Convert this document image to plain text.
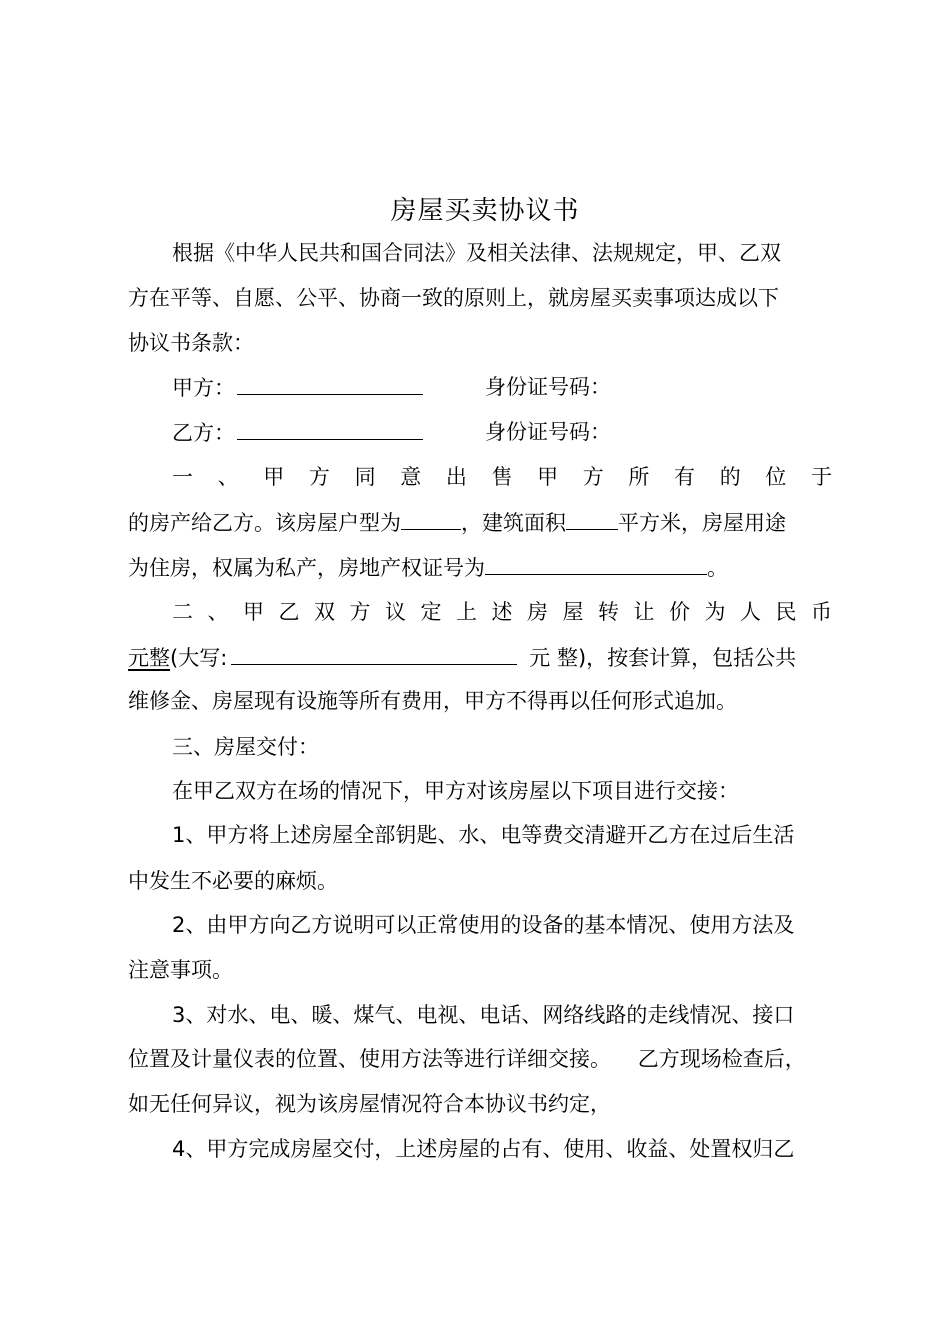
房屋买卖协议书
根据《中华人民共和国合同法》及相关法律、法规规定，甲、乙双
方在平等、自愿、公平、协商一致的原则上，就房屋买卖事项达成以下
协议书条款：
甲方：	身份证号码：
乙方：	身份证号码：
一 、 甲 方 同 意 出 售 甲 方 所 有 的 位 于
的房产给乙方。该房屋户型为	，建筑面积 平方米，房屋用途
为住房，权属为私产，房地产权证号为	。
二 、 甲 乙 双 方 议 定 上 述 房 屋 转 让 价 为 人 民 币
元整(大写:	元 整)，按套计算，包括公共
维修金、房屋现有设施等所有费用，甲方不得再以任何形式追加。
三、房屋交付：
在甲乙双方在场的情况下，甲方对该房屋以下项目进行交接：
1、甲方将上述房屋全部钥匙、水、电等费交清避开乙方在过后生活
中发生不必要的麻烦。
2、由甲方向乙方说明可以正常使用的设备的基本情况、使用方法及
注意事项。
3、对水、电、暖、煤气、电视、电话、网络线路的走线情况、接口
位置及计量仪表的位置、使用方法等进行详细交接。    乙方现场检查后，
如无任何异议，视为该房屋情况符合本协议书约定，
4、甲方完成房屋交付，上述房屋的占有、使用、收益、处置权归乙
